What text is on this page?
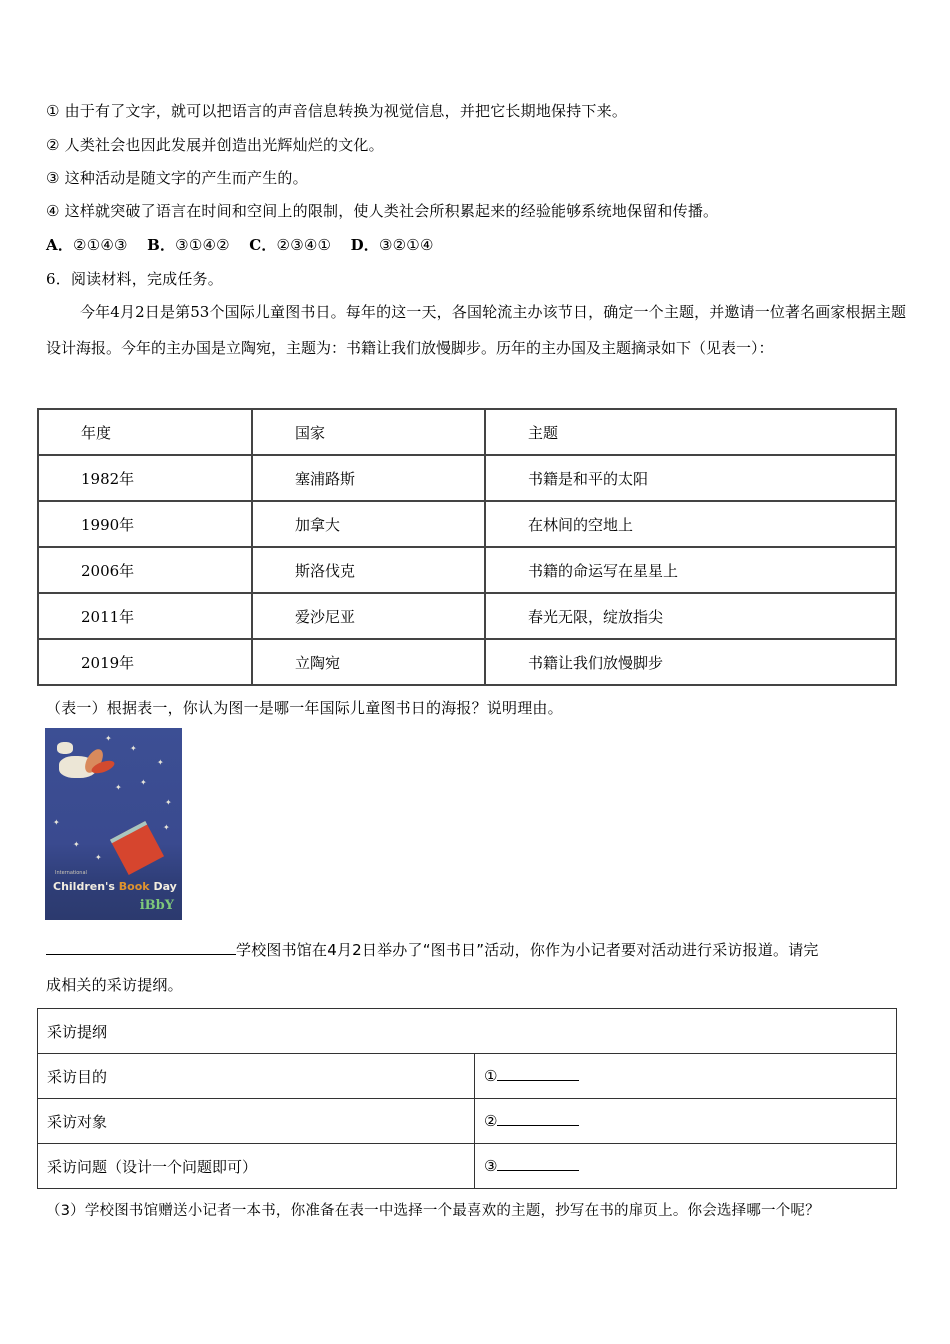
① 由于有了文字，就可以把语言的声音信息转换为视觉信息，并把它长期地保持下来。
② 人类社会也因此发展并创造出光辉灿烂的文化。
③ 这种活动是随文字的产生而产生的。
④ 这样就突破了语言在时间和空间上的限制，使人类社会所积累起来的经验能够系统地保留和传播。
A．②①④③ B．③①④② C．②③④① D．③②①④
6．阅读材料，完成任务。
今年4月2日是第53个国际儿童图书日。每年的这一天，各国轮流主办该节日，确定一个主题，并邀请一位著名画家根据主题设计海报。今年的主办国是立陶宛，主题为：书籍让我们放慢脚步。历年的主办国及主题摘录如下（见表一）：
年度	国家	主题
1982年	塞浦路斯	书籍是和平的太阳
1990年	加拿大	在林间的空地上
2006年	斯洛伐克	书籍的命运写在星星上
2011年	爱沙尼亚	春光无限，绽放指尖
2019年	立陶宛	书籍让我们放慢脚步
（表一）根据表一，你认为图一是哪一年国际儿童图书日的海报？说明理由。
✦
✦
✦
✦
✦
✦
✦
✦
✦
✦
International
Children's Book Day
iBbY
学校图书馆在4月2日举办了“图书日”活动，你作为小记者要对活动进行采访报道。请完
成相关的采访提纲。
采访提纲	
采访目的	①
采访对象	②
采访问题（设计一个问题即可）	③
（3）学校图书馆赠送小记者一本书，你准备在表一中选择一个最喜欢的主题，抄写在书的扉页上。你会选择哪一个呢？
